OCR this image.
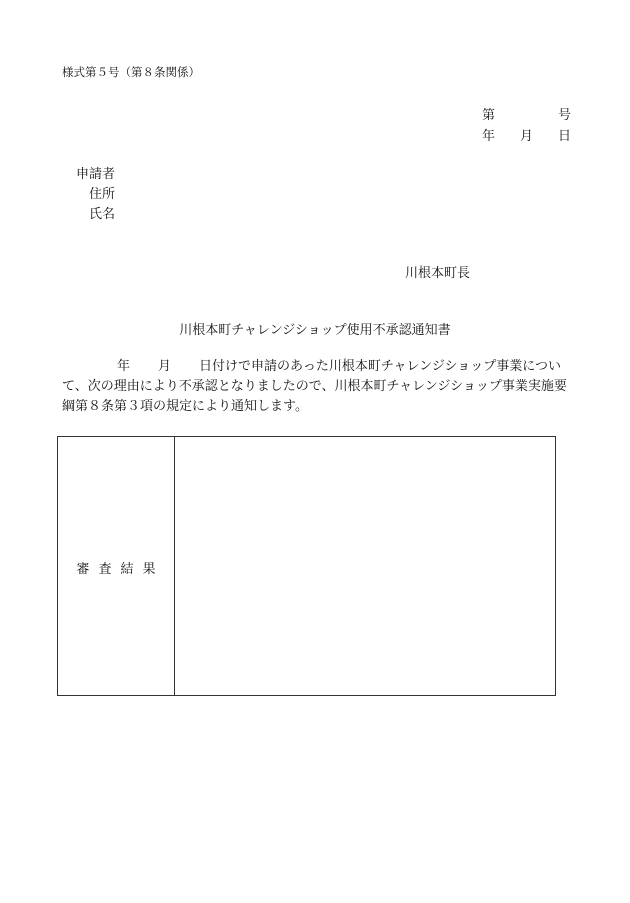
様式第５号（第８条関係）
第	号
年 月 日
申請者
住所
氏名
川根本町長
川根本町チャレンジショップ使用不承認通知書
年 月 日付けで申請のあった川根本町チャレンジショップ事業について、次の理由により不承認となりましたので、川根本町チャレンジショップ事業実施要綱第８条第３項の規定により通知します。
審査結果
